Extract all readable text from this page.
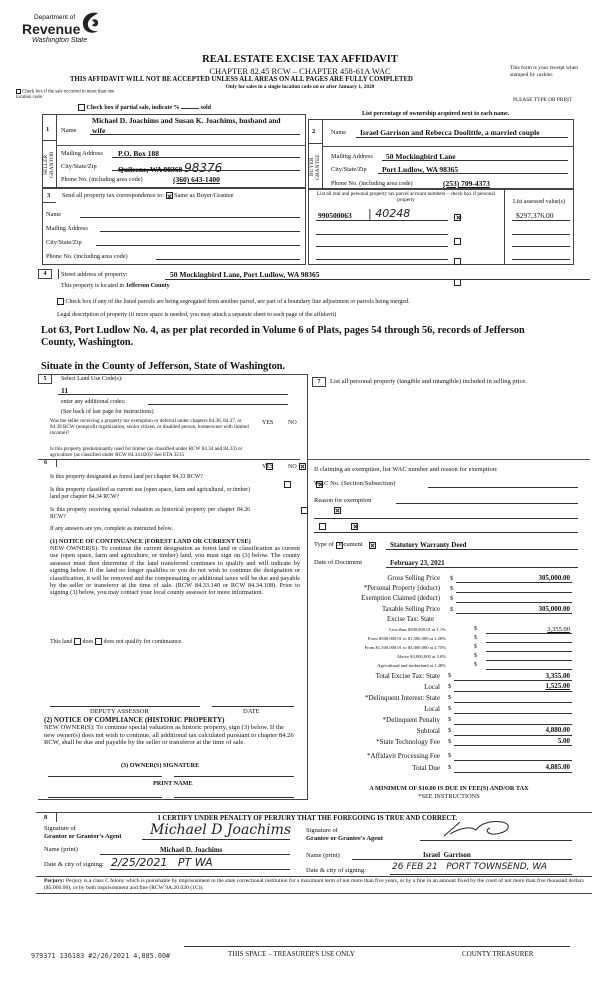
Department of
Revenue
Washington State
REAL ESTATE EXCISE TAX AFFIDAVIT
CHAPTER 82.45 RCW – CHAPTER 458-61A WAC
THIS AFFIDAVIT WILL NOT BE ACCEPTED UNLESS ALL AREAS ON ALL PAGES ARE FULLY COMPLETED
Only for sales in a single location code on or after January 1, 2020
This form is your receipt when stamped by cashier.
PLEASE TYPE OR PRINT
Check box if the sale occurred in more than one location code.
Check box if partial sale, indicate %	sold
List percentage of ownership acquired next to each name.
1
SELLER GRANTOR
Name
Michael D. Joachims and Susan K. Joachims, husband and
wife
Mailing Address P.O. Box 188
City/State/Zip	Quilcene, WA 98368 98376
Phone No. (including area code)	(360) 643-1400
2
BUYER GRANTEE
Name Israel Garrison and Rebecca Doolittle, a married couple
Mailing Address 50 Mockingbird Lane
City/State/Zip Port Ludlow, WA 98365
Phone No. (including area code)	(253) 709-4373
3 Send all property tax correspondence to: Same as Buyer/Grantee
Name
Mailing Address
City/State/Zip
Phone No. (including area code)
List all real and personal property tax parcel account numbers – check box if personal property	List assessed value(s)
990500063 | 40248	$297,376.00
4	Street address of property:	50 Mockingbird Lane, Port Ludlow, WA 98365
This property is located in Jefferson County
Check box if any of the listed parcels are being segregated from another parcel, are part of a boundary line adjustment or parcels being merged.
Legal description of property (if more space is needed, you may attach a separate sheet to each page of the affidavit)
Lot 63, Port Ludlow No. 4, as per plat recorded in Volume 6 of Plats, pages 54 through 56, records of Jefferson County, Washington.
Situate in the County of Jefferson, State of Washington.
5	Select Land Use Code(s):
11
enter any additional codes:
(See back of last page for instructions)
YES NO
Was the seller receiving a property tax exemption or deferral under chapters 84.36, 84.37, or 84.38 RCW (nonprofit organization, senior citizen, or disabled person, homeowner with limited income)?

Is this property predominantly used for timber (as classified under RCW 84.34 and 84.33) or agriculture (as classified under RCW 84.34.020)? See ETA 3215

6
YES NO
Is this property designated as forest land per chapter 84.33 RCW?

Is this property classified as current use (open space, farm and agricultural, or timber) land per chapter 84.34 RCW?

Is this property receiving special valuation as historical property per chapter 84.26 RCW?

If any answers are yes, complete as instructed below.
(1) NOTICE OF CONTINUANCE (FOREST LAND OR CURRENT USE)
NEW OWNER(S): To continue the current designation as forest land or classification as current use (open space, farm and agriculture, or timber) land, you must sign on (3) below. The county assessor must then determine if the land transferred continues to qualify and will indicate by signing below. If the land no longer qualifies or you do not wish to continue the designation or classification, it will be removed and the compensating or additional taxes will be due and payable by the seller or transferor at the time of sale. (RCW 84.33.140 or RCW 84.34.108). Prior to signing (3) below, you may contact your local county assessor for more information.
This land does does not qualify for continuance.
DEPUTY ASSESSOR	DATE
(2) NOTICE OF COMPLIANCE (HISTORIC PROPERTY)
NEW OWNER(S): To continue special valuation as historic property, sign (3) below. If the new owner(s) does not wish to continue, all additional tax calculated pursuant to chapter 84.26 RCW, shall be due and payable by the seller or transferor at the time of sale.
(3) OWNER(S) SIGNATURE
PRINT NAME
7	List all personal property (tangible and intangible) included in selling price.
If claiming an exemption, list WAC number and reason for exemption:
WAC No. (Section/Subsection)
Reason for exemption
Type of Document	Statutory Warranty Deed
Date of Document	February 23, 2021
Gross Selling Price $	305,000.00
*Personal Property (deduct) $
Exemption Claimed (deduct) $
Taxable Selling Price $	305,000.00
Excise Tax: State
Less than $500,000.01 at 1.1%	$	3,355.00
From $500,000.01 to $1,500,000 at 1.28%	$
From $1,500,000.01 to $3,000,000 at 2.75%	$
Above $3,000,000 at 3.0%	$
Agricultural and timberland at 1.28%	$
Total Excise Tax: State $	3,355.00
Local $	1,525.00
*Delinquent Interest: State $
Local $
*Delinquent Penalty $
Subtotal $	4,880.00
*State Technology Fee $	5.00
*Affidavit Processing Fee $
Total Due $	4,885.00
A MINIMUM OF $10.00 IS DUE IN FEE(S) AND/OR TAX
*SEE INSTRUCTIONS
8	I CERTIFY UNDER PENALTY OF PERJURY THAT THE FOREGOING IS TRUE AND CORRECT.
Signature of
Grantor or Grantor's Agent Michael D Joachims
Name (print)	Michael D. Joachims
Date & city of signing: 2/25/2021   PT WA
Signature of
Grantee or Grantee's Agent
Name (print)	Israel  Garrison
Date & city of signing:	26 FEB 21   PORT TOWNSEND, WA
Perjury: Perjury is a class C felony which is punishable by imprisonment in the state correctional institution for a maximum term of not more than five years, or by a fine in an amount fixed by the court of not more than five thousand dollars ($5,000.00), or by both imprisonment and fine (RCW 9A.20.020 (1C)).
979371 136183 #2/26/2021 4,885.00#	THIS SPACE – TREASURER'S USE ONLY	COUNTY TREASURER
